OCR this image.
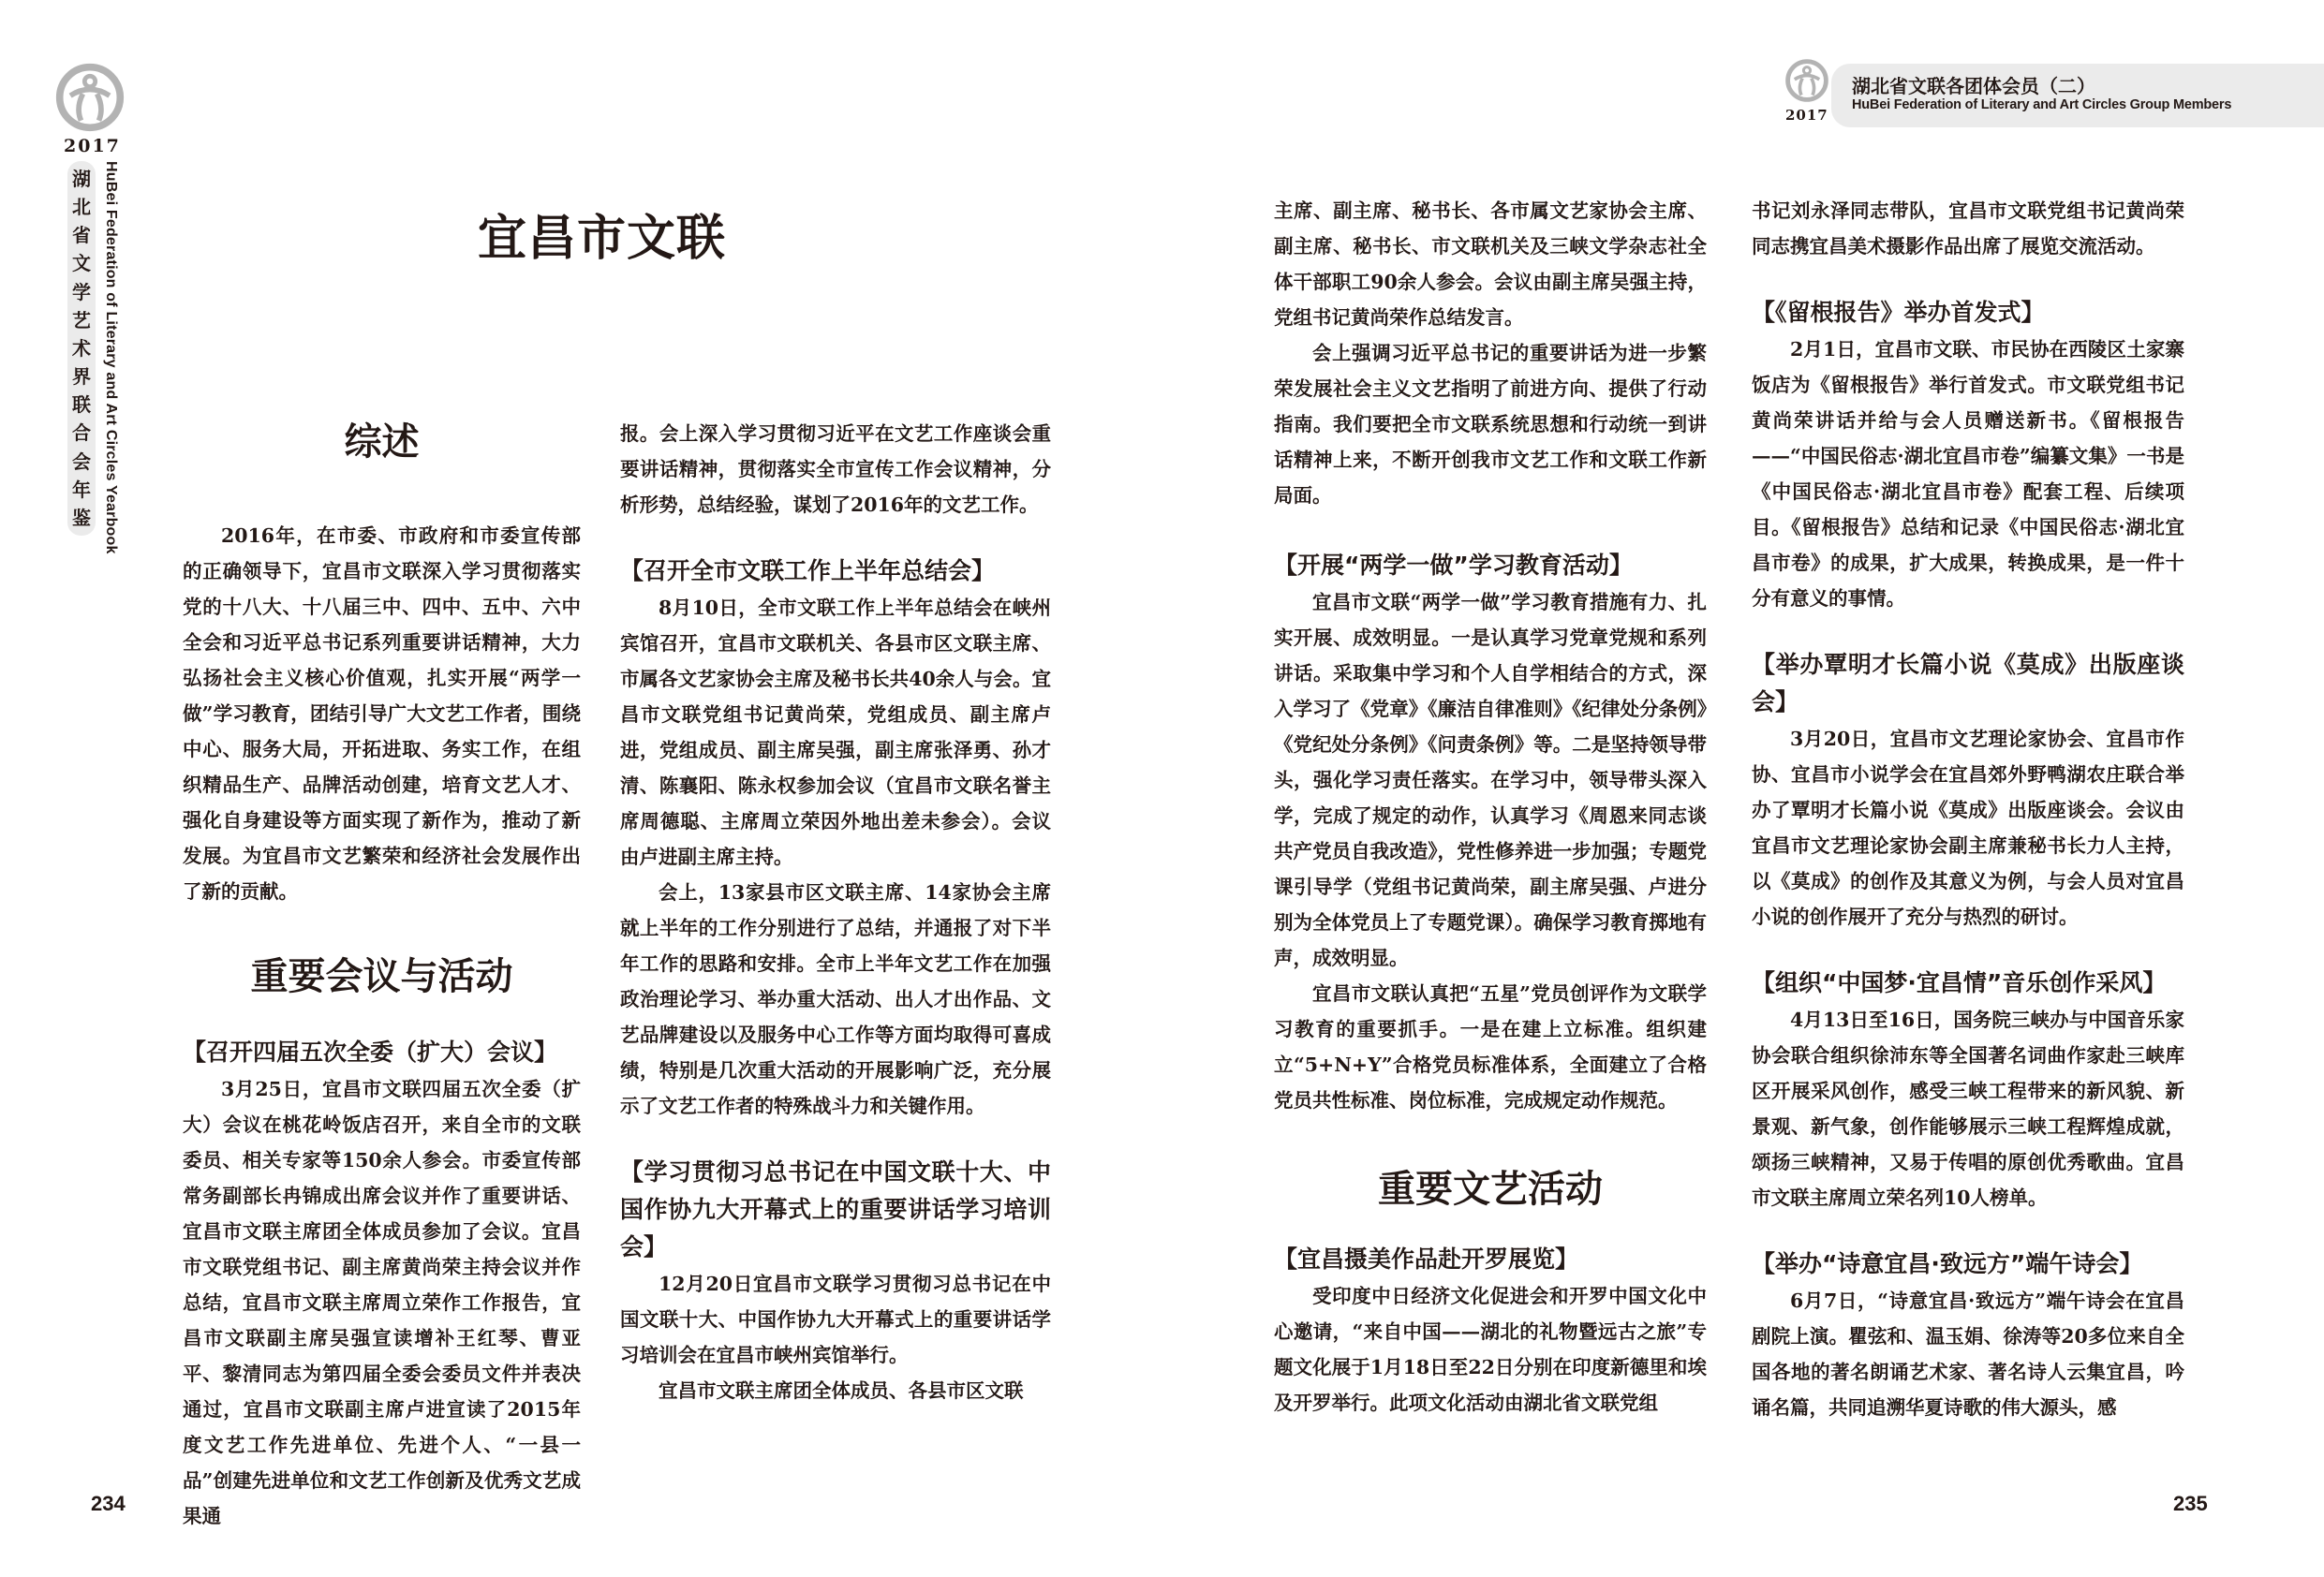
2017
湖
北
省
文
学
艺
术
界
联
合
会
年
鉴 HuBei Federation of Literary and Art Circles Yearbook	宜昌市文联
综述

2016年，在市委、市政府和市委宣传部的正确领导下，宜昌市文联深入学习贯彻落实党的十八大、十八届三中、四中、五中、六中全会和习近平总书记系列重要讲话精神，大力弘扬社会主义核心价值观，扎实开展“两学一做”学习教育，团结引导广大文艺工作者，围绕中心、服务大局，开拓进取、务实工作，在组织精品生产、品牌活动创建，培育文艺人才、强化自身建设等方面实现了新作为，推动了新发展。为宜昌市文艺繁荣和经济社会发展作出了新的贡献。

重要会议与活动
【召开四届五次全委（扩大）会议】

3月25日，宜昌市文联四届五次全委（扩大）会议在桃花岭饭店召开，来自全市的文联委员、相关专家等150余人参会。市委宣传部常务副部长冉锦成出席会议并作了重要讲话、宜昌市文联主席团全体成员参加了会议。宜昌市文联党组书记、副主席黄尚荣主持会议并作总结，宜昌市文联主席周立荣作工作报告，宜昌市文联副主席吴强宣读增补王红琴、曹亚平、黎清同志为第四届全委会委员文件并表决通过，宜昌市文联副主席卢进宣读了2015年度文艺工作先进单位、先进个人、“一县一品”创建先进单位和文艺工作创新及优秀文艺成果通

报。会上深入学习贯彻习近平在文艺工作座谈会重要讲话精神，贯彻落实全市宣传工作会议精神，分析形势，总结经验，谋划了2016年的文艺工作。

【召开全市文联工作上半年总结会】

8月10日，全市文联工作上半年总结会在峡州宾馆召开，宜昌市文联机关、各县市区文联主席、市属各文艺家协会主席及秘书长共40余人与会。宜昌市文联党组书记黄尚荣，党组成员、副主席卢进，党组成员、副主席吴强，副主席张泽勇、孙才清、陈襄阳、陈永权参加会议（宜昌市文联名誉主席周德聪、主席周立荣因外地出差未参会）。会议由卢进副主席主持。

会上，13家县市区文联主席、14家协会主席就上半年的工作分别进行了总结，并通报了对下半年工作的思路和安排。全市上半年文艺工作在加强政治理论学习、举办重大活动、出人才出作品、文艺品牌建设以及服务中心工作等方面均取得可喜成绩，特别是几次重大活动的开展影响广泛，充分展示了文艺工作者的特殊战斗力和关键作用。

【学习贯彻习总书记在中国文联十大、中国作协九大开幕式上的重要讲话学习培训会】

12月20日宜昌市文联学习贯彻习总书记在中国文联十大、中国作协九大开幕式上的重要讲话学习培训会在宜昌市峡州宾馆举行。

宜昌市文联主席团全体成员、各县市区文联

234
2017
湖北省文联各团体会员（二）
HuBei Federation of Literary and Art Circles Group Members

主席、副主席、秘书长、各市属文艺家协会主席、副主席、秘书长、市文联机关及三峡文学杂志社全体干部职工90余人参会。会议由副主席吴强主持，党组书记黄尚荣作总结发言。

会上强调习近平总书记的重要讲话为进一步繁荣发展社会主义文艺指明了前进方向、提供了行动指南。我们要把全市文联系统思想和行动统一到讲话精神上来，不断开创我市文艺工作和文联工作新局面。

【开展“两学一做”学习教育活动】

宜昌市文联“两学一做”学习教育措施有力、扎实开展、成效明显。一是认真学习党章党规和系列讲话。采取集中学习和个人自学相结合的方式，深入学习了《党章》《廉洁自律准则》《纪律处分条例》《党纪处分条例》《问责条例》等。二是坚持领导带头，强化学习责任落实。在学习中，领导带头深入学，完成了规定的动作，认真学习《周恩来同志谈共产党员自我改造》，党性修养进一步加强；专题党课引导学（党组书记黄尚荣，副主席吴强、卢进分别为全体党员上了专题党课）。确保学习教育掷地有声，成效明显。

宜昌市文联认真把“五星”党员创评作为文联学习教育的重要抓手。一是在建上立标准。组织建立“5+N+Y”合格党员标准体系，全面建立了合格党员共性标准、岗位标准，完成规定动作规范。

重要文艺活动
【宜昌摄美作品赴开罗展览】

受印度中日经济文化促进会和开罗中国文化中心邀请，“来自中国——湖北的礼物暨远古之旅”专题文化展于1月18日至22日分别在印度新德里和埃及开罗举行。此项文化活动由湖北省文联党组

书记刘永泽同志带队，宜昌市文联党组书记黄尚荣同志携宜昌美术摄影作品出席了展览交流活动。

【《留根报告》举办首发式】

2月1日，宜昌市文联、市民协在西陵区土家寨饭店为《留根报告》举行首发式。市文联党组书记黄尚荣讲话并给与会人员赠送新书。《留根报告——“中国民俗志·湖北宜昌市卷”编纂文集》一书是《中国民俗志·湖北宜昌市卷》配套工程、后续项目。《留根报告》总结和记录《中国民俗志·湖北宜昌市卷》的成果，扩大成果，转换成果，是一件十分有意义的事情。

【举办覃明才长篇小说《莫成》出版座谈会】

3月20日，宜昌市文艺理论家协会、宜昌市作协、宜昌市小说学会在宜昌郊外野鸭湖农庄联合举办了覃明才长篇小说《莫成》出版座谈会。会议由宜昌市文艺理论家协会副主席兼秘书长力人主持，以《莫成》的创作及其意义为例，与会人员对宜昌小说的创作展开了充分与热烈的研讨。

【组织“中国梦·宜昌情”音乐创作采风】

4月13日至16日，国务院三峡办与中国音乐家协会联合组织徐沛东等全国著名词曲作家赴三峡库区开展采风创作，感受三峡工程带来的新风貌、新景观、新气象，创作能够展示三峡工程辉煌成就，颂扬三峡精神，又易于传唱的原创优秀歌曲。宜昌市文联主席周立荣名列10人榜单。

【举办“诗意宜昌·致远方”端午诗会】

6月7日，“诗意宜昌·致远方”端午诗会在宜昌剧院上演。瞿弦和、温玉娟、徐涛等20多位来自全国各地的著名朗诵艺术家、著名诗人云集宜昌，吟诵名篇，共同追溯华夏诗歌的伟大源头，感

235
